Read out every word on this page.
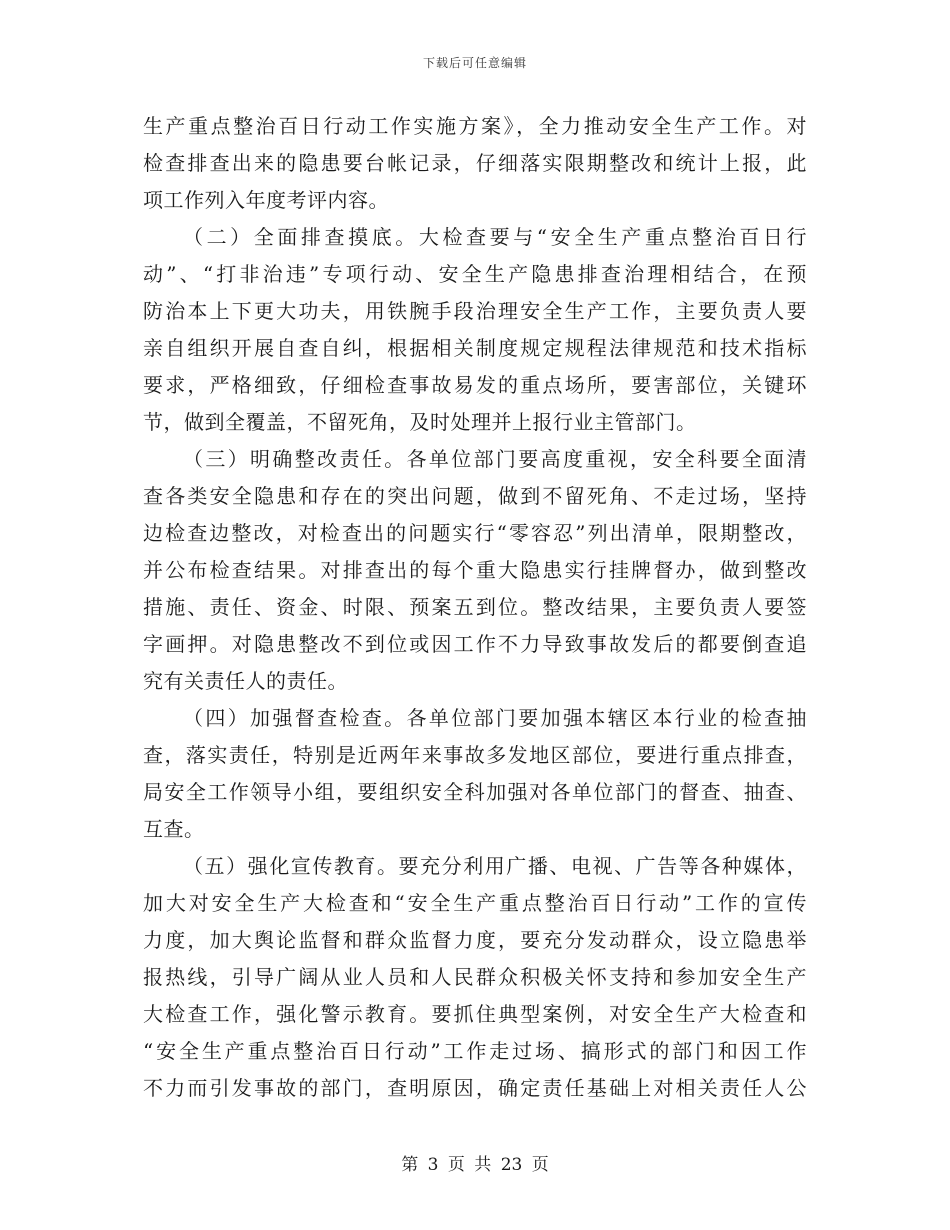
下载后可任意编辑
生产重点整治百日行动工作实施方案》，全力推动安全生产工作。对
检查排查出来的隐患要台帐记录，仔细落实限期整改和统计上报，此
项工作列入年度考评内容。
（二）全面排查摸底。大检查要与“安全生产重点整治百日行
动”、“打非治违”专项行动、安全生产隐患排查治理相结合，在预
防治本上下更大功夫，用铁腕手段治理安全生产工作，主要负责人要
亲自组织开展自查自纠，根据相关制度规定规程法律规范和技术指标
要求，严格细致，仔细检查事故易发的重点场所，要害部位，关键环
节，做到全覆盖，不留死角，及时处理并上报行业主管部门。
（三）明确整改责任。各单位部门要高度重视，安全科要全面清
查各类安全隐患和存在的突出问题，做到不留死角、不走过场，坚持
边检查边整改，对检查出的问题实行“零容忍”列出清单，限期整改，
并公布检查结果。对排查出的每个重大隐患实行挂牌督办，做到整改
措施、责任、资金、时限、预案五到位。整改结果，主要负责人要签
字画押。对隐患整改不到位或因工作不力导致事故发后的都要倒查追
究有关责任人的责任。
（四）加强督查检查。各单位部门要加强本辖区本行业的检查抽
查，落实责任，特别是近两年来事故多发地区部位，要进行重点排查，
局安全工作领导小组，要组织安全科加强对各单位部门的督查、抽查、
互查。
（五）强化宣传教育。要充分利用广播、电视、广告等各种媒体，
加大对安全生产大检查和“安全生产重点整治百日行动”工作的宣传
力度，加大舆论监督和群众监督力度，要充分发动群众，设立隐患举
报热线，引导广阔从业人员和人民群众积极关怀支持和参加安全生产
大检查工作，强化警示教育。要抓住典型案例，对安全生产大检查和
“安全生产重点整治百日行动”工作走过场、搞形式的部门和因工作
不力而引发事故的部门，查明原因，确定责任基础上对相关责任人公
第 3 页 共 23 页
